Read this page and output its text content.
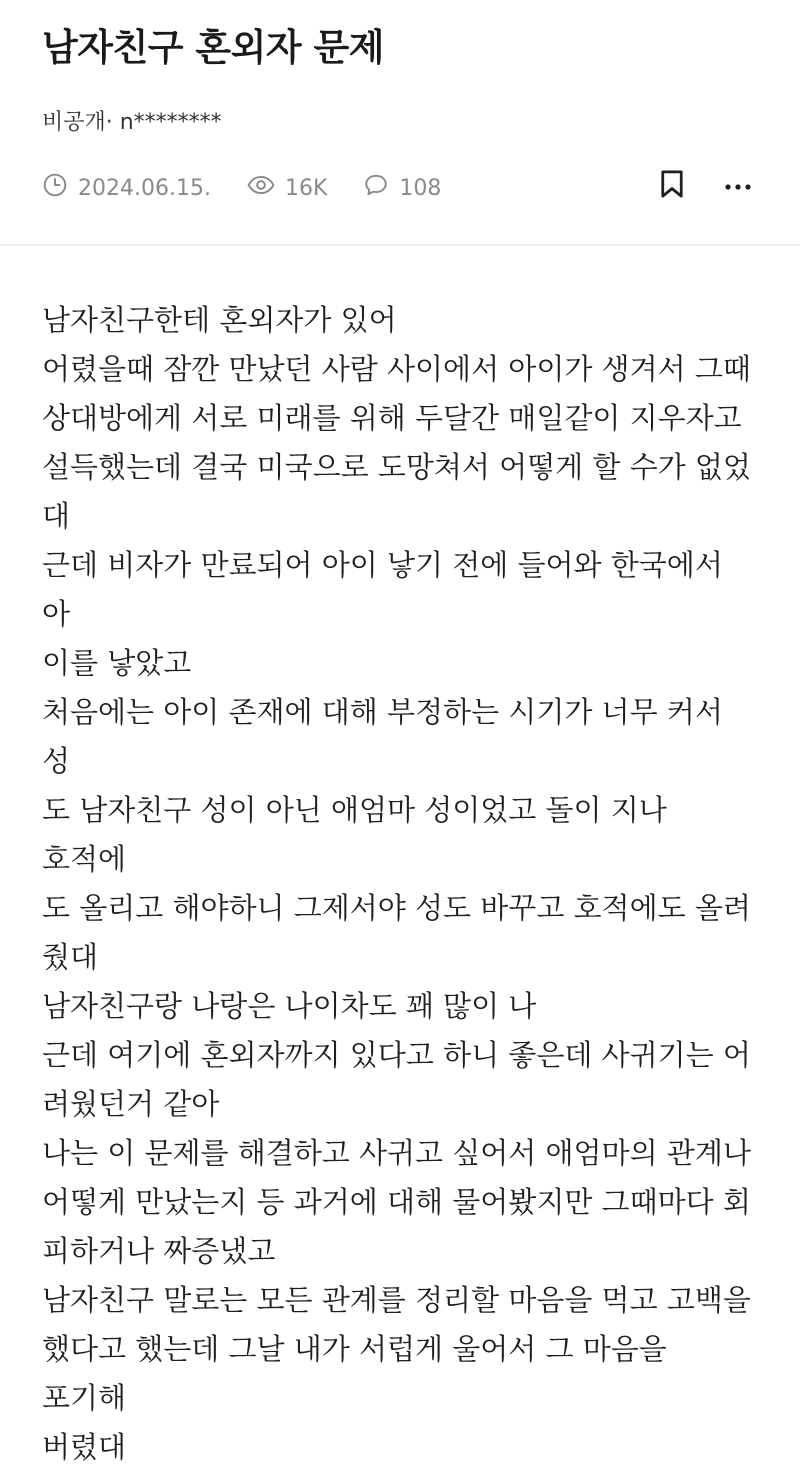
남자친구 혼외자 문제
비공개· n********
2024.06.15.	16K	108

남자친구한테 혼외자가 있어

어렸을때 잠깐 만났던 사람 사이에서 아이가 생겨서 그때

상대방에게 서로 미래를 위해 두달간 매일같이 지우자고

설득했는데 결국 미국으로 도망쳐서 어떻게 할 수가 없었

대

근데 비자가 만료되어 아이 낳기 전에 들어와 한국에서 아

이를 낳았고

처음에는 아이 존재에 대해 부정하는 시기가 너무 커서 성

도 남자친구 성이 아닌 애엄마 성이었고 돌이 지나 호적에

도 올리고 해야하니 그제서야 성도 바꾸고 호적에도 올려

줬대

남자친구랑 나랑은 나이차도 꽤 많이 나

근데 여기에 혼외자까지 있다고 하니 좋은데 사귀기는 어

려웠던거 같아

나는 이 문제를 해결하고 사귀고 싶어서 애엄마의 관계나

어떻게 만났는지 등 과거에 대해 물어봤지만 그때마다 회

피하거나 짜증냈고

남자친구 말로는 모든 관계를 정리할 마음을 먹고 고백을

했다고 했는데 그날 내가 서럽게 울어서 그 마음을 포기해

버렸대
